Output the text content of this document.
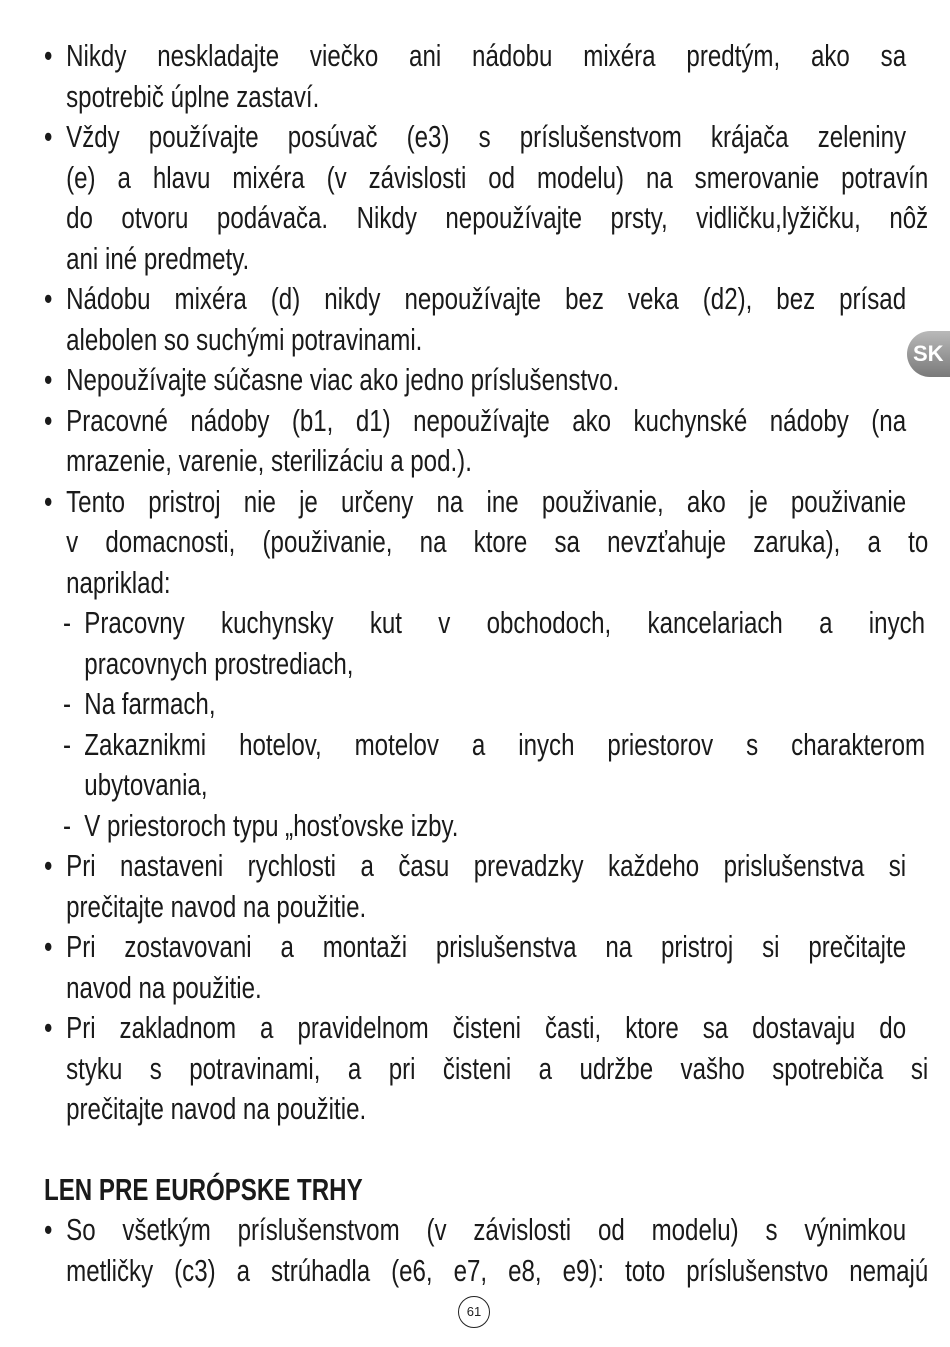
SK
• Nikdy neskladajte viečko ani nádobu mixéra predtým, ako sa
spotrebič úplne zastaví.
• Vždy používajte posúvač (e3) s príslušenstvom krájača zeleniny
(e) a hlavu mixéra (v závislosti od modelu) na smerovanie potravín
do otvoru podávača. Nikdy nepoužívajte prsty, vidličku,lyžičku, nôž
ani iné predmety.
• Nádobu mixéra (d) nikdy nepoužívajte bez veka (d2), bez prísad
alebolen so suchými potravinami.
• Nepoužívajte súčasne viac ako jedno príslušenstvo.
• Pracovné nádoby (b1, d1) nepoužívajte ako kuchynské nádoby (na
mrazenie, varenie, sterilizáciu a pod.).
• Tento pristroj nie je určeny na ine použivanie, ako je použivanie
v domacnosti, (použivanie, na ktore sa nevzťahuje zaruka), a to
napriklad:
- Pracovny kuchynsky kut v obchodoch, kancelariach a inych
pracovnych prostrediach,
- Na farmach,
- Zakaznikmi hotelov, motelov a inych priestorov s charakterom
ubytovania,
- V priestoroch typu „hosťovske izby.
• Pri nastaveni rychlosti a času prevadzky každeho prislušenstva si
prečitajte navod na použitie.
• Pri zostavovani a montaži prislušenstva na pristroj si prečitajte
navod na použitie.
• Pri zakladnom a pravidelnom čisteni časti, ktore sa dostavaju do
styku s potravinami, a pri čisteni a udržbe vašho spotrebiča si
prečitajte navod na použitie.
LEN PRE EURÓPSKE TRHY
• So všetkým príslušenstvom (v závislosti od modelu) s výnimkou
metličky (c3) a strúhadla (e6, e7, e8, e9): toto príslušenstvo nemajú
61
